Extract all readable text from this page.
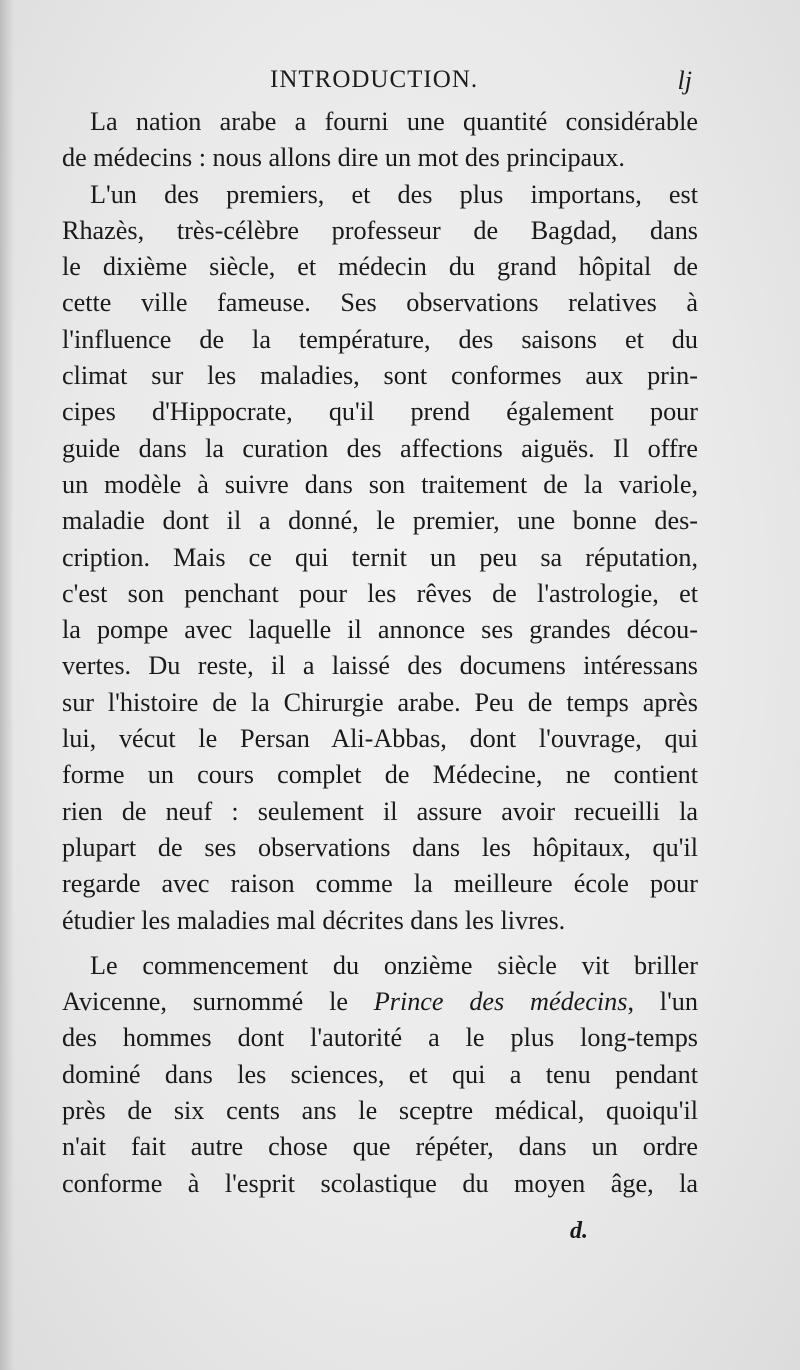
INTRODUCTION.	lj
La nation arabe a fourni une quantité considérable
de médecins : nous allons dire un mot des principaux.
L'un des premiers, et des plus importans, est
Rhazès, très-célèbre professeur de Bagdad, dans
le dixième siècle, et médecin du grand hôpital de
cette ville fameuse. Ses observations relatives à
l'influence de la température, des saisons et du
climat sur les maladies, sont conformes aux prin-
cipes d'Hippocrate, qu'il prend également pour
guide dans la curation des affections aiguës. Il offre
un modèle à suivre dans son traitement de la variole,
maladie dont il a donné, le premier, une bonne des-
cription. Mais ce qui ternit un peu sa réputation,
c'est son penchant pour les rêves de l'astrologie, et
la pompe avec laquelle il annonce ses grandes décou-
vertes. Du reste, il a laissé des documens intéressans
sur l'histoire de la Chirurgie arabe. Peu de temps après
lui, vécut le Persan Ali-Abbas, dont l'ouvrage, qui
forme un cours complet de Médecine, ne contient
rien de neuf : seulement il assure avoir recueilli la
plupart de ses observations dans les hôpitaux, qu'il
regarde avec raison comme la meilleure école pour
étudier les maladies mal décrites dans les livres.
Le commencement du onzième siècle vit briller
Avicenne, surnommé le Prince des médecins, l'un
des hommes dont l'autorité a le plus long-temps
dominé dans les sciences, et qui a tenu pendant
près de six cents ans le sceptre médical, quoiqu'il
n'ait fait autre chose que répéter, dans un ordre
conforme à l'esprit scolastique du moyen âge, la
d.
